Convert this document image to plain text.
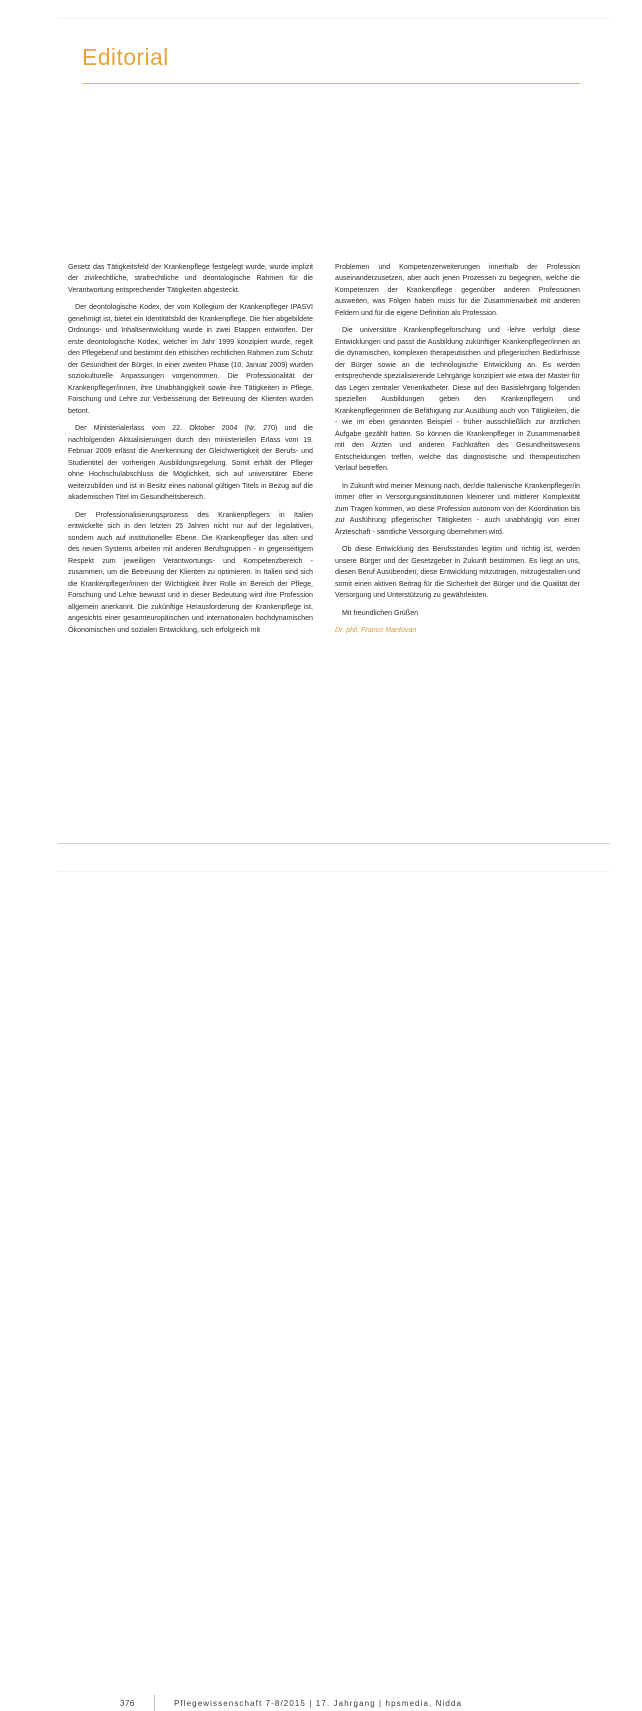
Editorial

Gesetz das Tätigkeitsfeld der Krankenpflege festgelegt wurde, wurde implizit der zivilrechtliche, strafrechtliche und deontologische Rahmen für die Verantwortung entsprechender Tätigkeiten abgesteckt.

Der deontologische Kodex, der vom Kollegium der Krankenpfleger IPASVI genehmigt ist, bietet ein Identitätsbild der Krankenpflege. Die hier abgebildete Ordnungs- und Inhaltsentwicklung wurde in zwei Etappen entworfen. Der erste deontologische Kodex, welcher im Jahr 1999 konzipiert wurde, regelt den Pflegeberuf und bestimmt den ethischen rechtlichen Rahmen zum Schutz der Gesundheit der Bürger. In einer zweiten Phase (10. Januar 2009) wurden soziokulturelle Anpassungen vorgenommen. Die Professionalität der Krankenpfleger/innen, ihre Unabhängigkeit sowie ihre Tätigkeiten in Pflege, Forschung und Lehre zur Verbesserung der Betreuung der Klienten wurden betont.

Der Ministerialerlass vom 22. Oktober 2004 (Nr. 270) und die nachfolgenden Aktualisierungen durch den ministeriellen Erlass vom 19. Februar 2009 erlässt die Anerkennung der Gleichwertigkeit der Berufs- und Studientitel der vorherigen Ausbildungsregelung. Somit erhält der Pfleger ohne Hochschulabschluss die Möglichkeit, sich auf universitärer Ebene weiterzubilden und ist in Besitz eines national gültigen Titels in Bezug auf die akademischen Titel im Gesundheitsbereich.

Der Professionalisierungsprozess des Krankenpflegers in Italien entwickelte sich in den letzten 25 Jahren nicht nur auf der legislativen, sondern auch auf institutioneller Ebene. Die Krankenpfleger das alten und des neuen Systems arbeiten mit anderen Berufsgruppen - in gegenseitigem Respekt zum jeweiligen Verantwortungs- und Kompetenzbereich - zusammen, um die Betreuung der Klienten zu optimieren. In Italien sind sich die Krankenpfleger/innen der Wichtigkeit ihrer Rolle im Bereich der Pflege, Forschung und Lehre bewusst und in dieser Bedeutung wird ihre Profession allgemein anerkannt. Die zukünftige Herausforderung der Krankenpflege ist, angesichts einer gesamteuropäischen und internationalen hochdynamischen Ökonomischen und sozialen Entwicklung, sich erfolgreich mit

Problemen und Kompetenzerweiterungen innerhalb der Profession auseinanderzusetzen, aber auch jenen Prozessen zu begegnen, welche die Kompetenzen der Krankenpflege gegenüber anderen Professionen ausweiten, was Folgen haben muss für die Zusammenarbeit mit anderen Feldern und für die eigene Definition als Profession.

Die universitäre Krankenpflegeforschung und -lehre verfolgt diese Entwicklungen und passt die Ausbildung zukünftiger Krankenpfleger/innen an die dynamischen, komplexen therapeutischen und pflegerischen Bedürfnisse der Bürger sowie an die technologische Entwicklung an. Es werden entsprechende spezialisierende Lehrgänge konzipiert wie etwa der Master für das Legen zentraler Venenkatheter. Diese auf den Basislehrgang folgenden speziellen Ausbildungen geben den Krankenpflegern und Krankenpflegerinnen die Befähigung zur Ausübung auch von Tätigkeiten, die - wie im eben genannten Beispiel - früher ausschließlich zur ärztlichen Aufgabe gezählt hatten. So können die Krankenpfleger in Zusammenarbeit mit den Ärzten und anderen Fachkräften des Gesundheitswesens Entscheidungen treffen, welche das diagnostische und therapeutischen Verlauf betreffen.

In Zukunft wird meiner Meinung nach, der/die Italienische Krankenpfleger/in immer öfter in Versorgungsinstitutionen kleinerer und mittlerer Komplexität zum Tragen kommen, wo diese Profession autonom von der Koordination bis zur Ausführung pflegerischer Tätigkeiten - auch unabhängig von einer Ärzteschaft - sämtliche Versorgung übernehmen wird.

Ob diese Entwicklung des Berufsstandes legitim und richtig ist, werden unsere Bürger und der Gesetzgeber in Zukunft bestimmen. Es liegt an uns, diesen Beruf Ausübenden, diese Entwicklung mitzutragen, mitzugestalten und somit einen aktiven Beitrag für die Sicherheit der Bürger und die Qualität der Versorgung und Unterstützung zu gewährleisten.

Mit freundlichen Grüßen

Dr. phil. Franco Mantovan

376	Pflegewissenschaft 7-8/2015 | 17. Jahrgang | hpsmedia, Nidda
